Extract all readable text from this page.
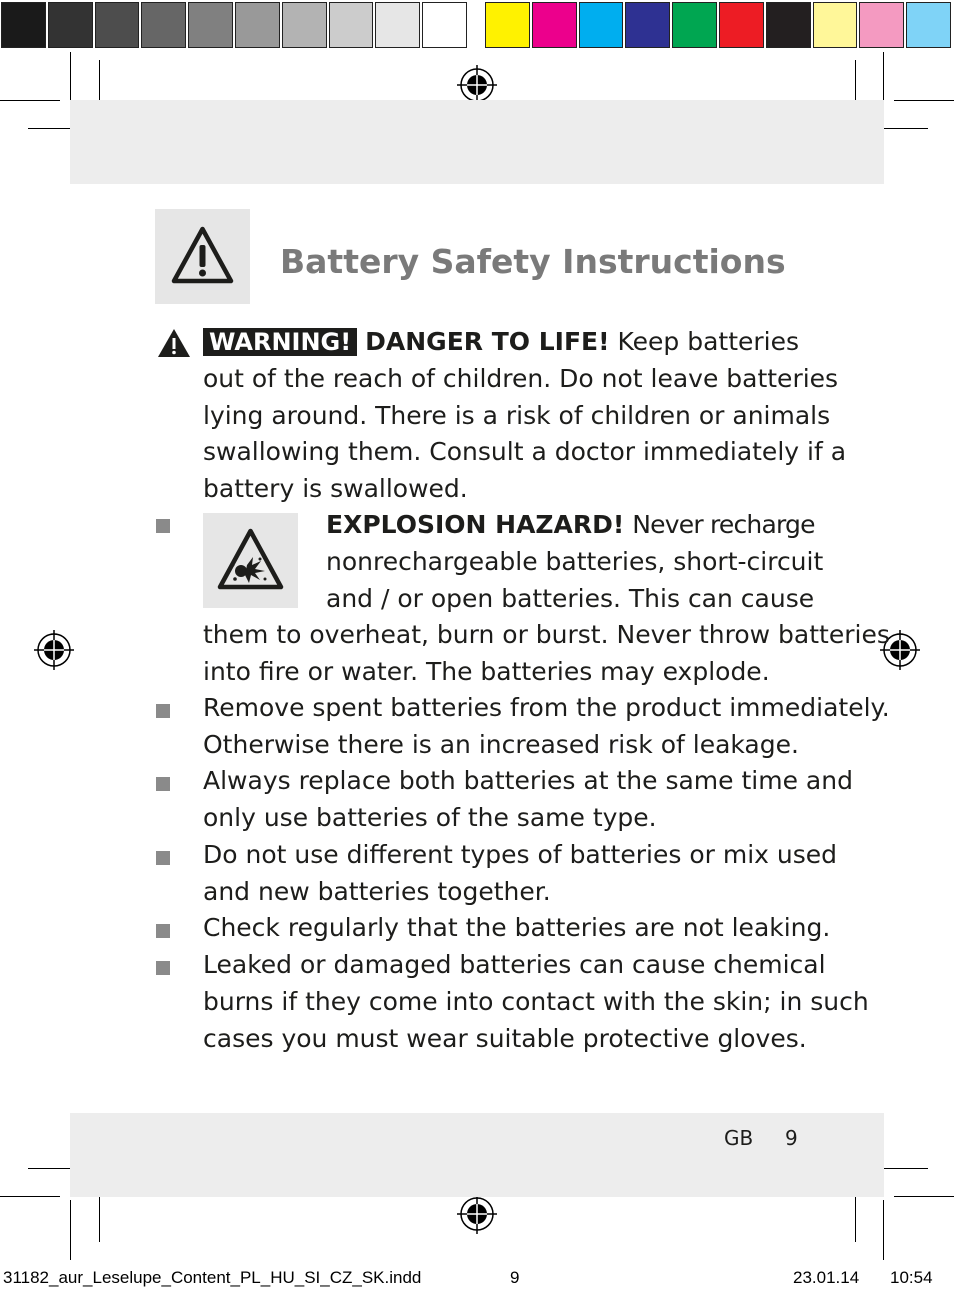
Battery Safety Instructions
WARNING! DANGER TO LIFE! Keep batteries
out of the reach of children. Do not leave batteries
lying around. There is a risk of children or animals
swallowing them. Consult a doctor immediately if a
battery is swallowed.
EXPLOSION HAZARD! Never recharge
nonrechargeable batteries, short-circuit
and / or open batteries. This can cause
them to overheat, burn or burst. Never throw batteries
into fire or water. The batteries may explode.
Remove spent batteries from the product immediately.
Otherwise there is an increased risk of leakage.
Always replace both batteries at the same time and
only use batteries of the same type.
Do not use different types of batteries or mix used
and new batteries together.
Check regularly that the batteries are not leaking.
Leaked or damaged batteries can cause chemical
burns if they come into contact with the skin; in such
cases you must wear suitable protective gloves.
GB 9
31182_aur_Leselupe_Content_PL_HU_SI_CZ_SK.indd	9	23.01.14 10:54
